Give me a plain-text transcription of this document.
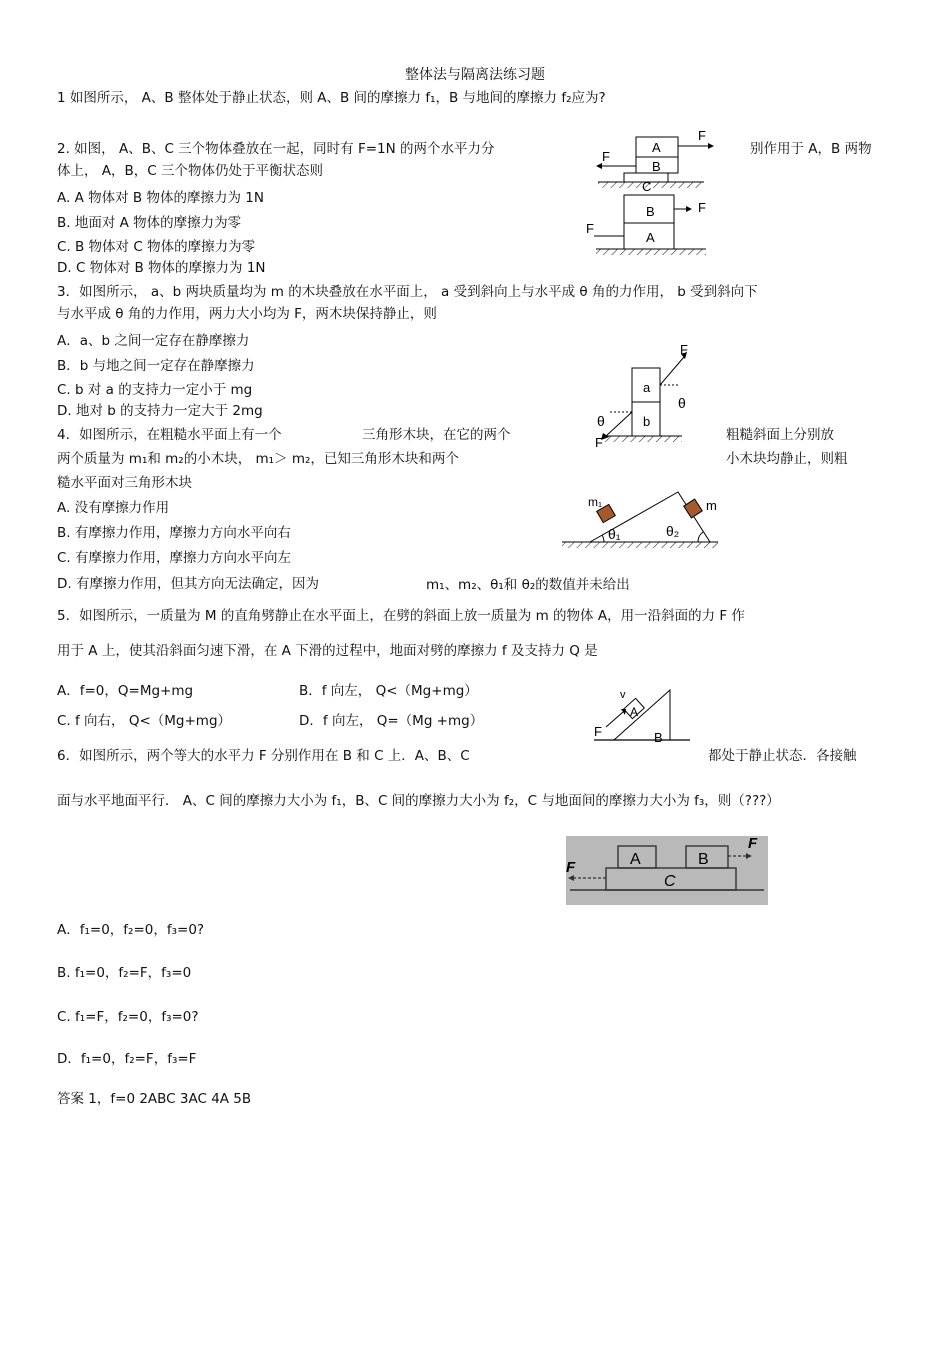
整体法与隔离法练习题
1 如图所示， A、B 整体处于静止状态，则 A、B 间的摩擦力 f₁，B 与地间的摩擦力 f₂应为?
2. 如图， A、B、C 三个物体叠放在一起，同时有 F=1N 的两个水平力分	别作用于 A，B 两物
体上， A，B，C 三个物体仍处于平衡状态则
A. A 物体对 B 物体的摩擦力为 1N
B. 地面对 A 物体的摩擦力为零
C. B 物体对 C 物体的摩擦力为零
D. C 物体对 B 物体的摩擦力为 1N
A
B
C
F
F
B
A
F
F
3．如图所示， a、b 两块质量均为 m 的木块叠放在水平面上， a 受到斜向上与水平成 θ 角的力作用， b 受到斜向下
与水平成 θ 角的力作用，两力大小均为 F，两木块保持静止，则
A．a、b 之间一定存在静摩擦力
B．b 与地之间一定存在静摩擦力
C. b 对 a 的支持力一定小于 mg
D. 地对 b 的支持力一定大于 2mg
a
b
F
θ
θ
F
4．如图所示，在粗糙水平面上有一个	三角形木块，在它的两个	粗糙斜面上分别放
两个质量为 m₁和 m₂的小木块， m₁＞ m₂，已知三角形木块和两个	小木块均静止，则粗
糙水平面对三角形木块
A. 没有摩擦力作用
B. 有摩擦力作用，摩擦力方向水平向右
C. 有摩擦力作用，摩擦力方向水平向左
D. 有摩擦力作用，但其方向无法确定，因为	m₁、m₂、θ₁和 θ₂的数值并未给出
m₁	m
θ₁	θ₂
5．如图所示，一质量为 M 的直角劈静止在水平面上，在劈的斜面上放一质量为 m 的物体 A，用一沿斜面的力 F 作
用于 A 上，使其沿斜面匀速下滑，在 A 下滑的过程中，地面对劈的摩擦力 f 及支持力 Q 是
A．f=0，Q=Mg+mg	B．f 向左， Q<（Mg+mg）
C. f 向右， Q<（Mg+mg）	D．f 向左， Q=（Mg +mg）
A
v
F	B
6．如图所示，两个等大的水平力 F 分别作用在 B 和 C 上．A、B、C	都处于静止状态．各接触
面与水平地面平行． A、C 间的摩擦力大小为 f₁，B、C 间的摩擦力大小为 f₂，C 与地面间的摩擦力大小为 f₃，则（???）
A	B
C
F
F
A．f₁=0，f₂=0，f₃=0?
B. f₁=0，f₂=F，f₃=0
C. f₁=F，f₂=0，f₃=0?
D．f₁=0，f₂=F，f₃=F
答案 1，f=0 2ABC 3AC 4A 5B
